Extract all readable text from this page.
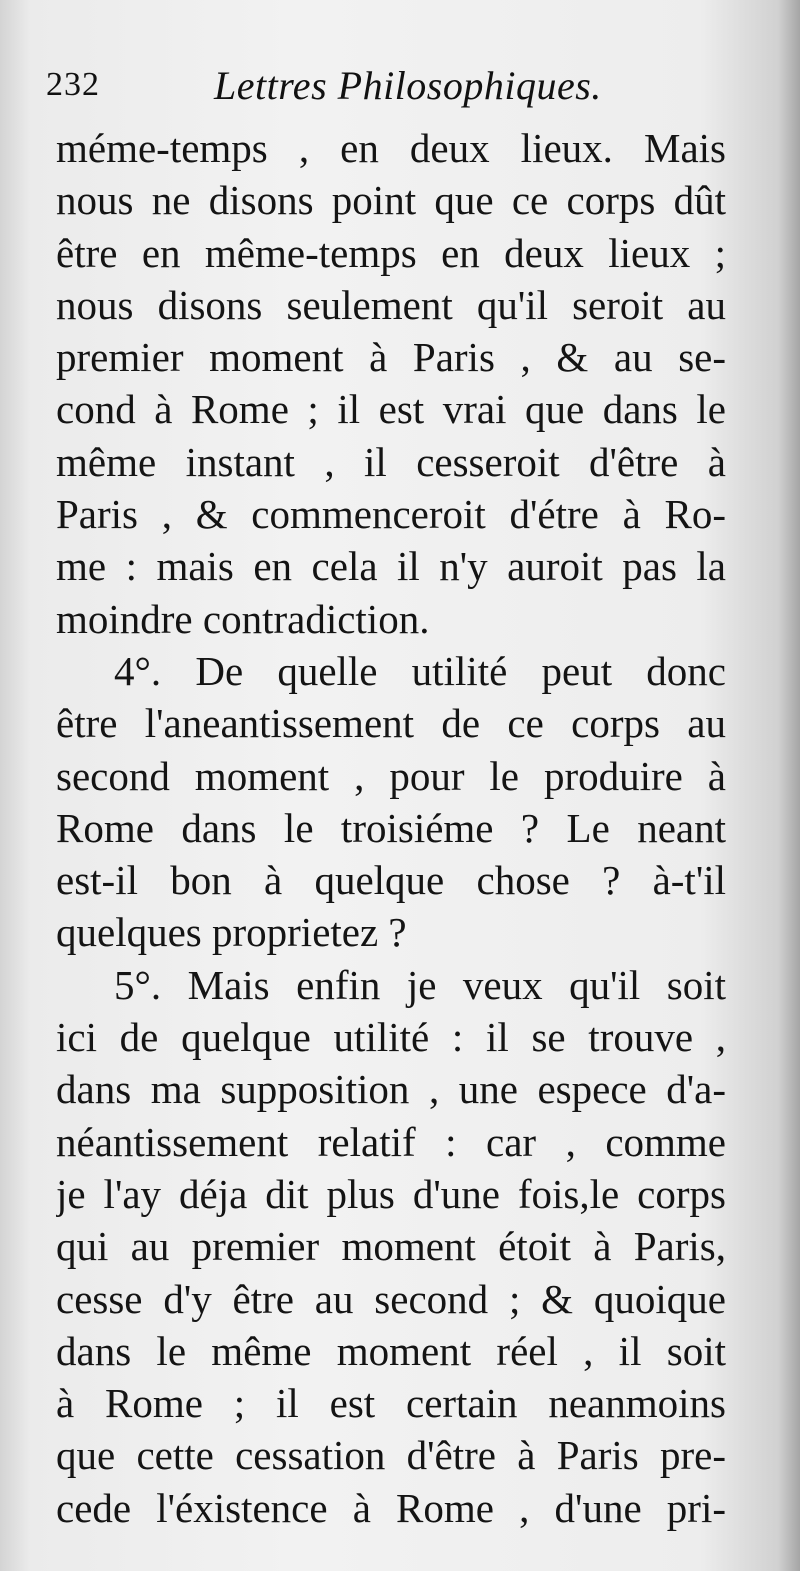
232	Lettres Philosophiques.
méme-temps , en deux lieux. Mais
nous ne disons point que ce corps dût
être en même-temps en deux lieux ;
nous disons seulement qu'il seroit au
premier moment à Paris , & au se-
cond à Rome ; il est vrai que dans le
même instant , il cesseroit d'être à
Paris , & commenceroit d'étre à Ro-
me : mais en cela il n'y auroit pas la
moindre contradiction.
4°. De quelle utilité peut donc
être l'aneantissement de ce corps au
second moment , pour le produire à
Rome dans le troisiéme ? Le neant
est-il bon à quelque chose ? à-t'il
quelques proprietez ?
5°. Mais enfin je veux qu'il soit
ici de quelque utilité : il se trouve ,
dans ma supposition , une espece d'a-
néantissement relatif : car , comme
je l'ay déja dit plus d'une fois,le corps
qui au premier moment étoit à Paris,
cesse d'y être au second ; & quoique
dans le même moment réel , il soit
à Rome ; il est certain neanmoins
que cette cessation d'être à Paris pre-
cede l'éxistence à Rome , d'une pri-
